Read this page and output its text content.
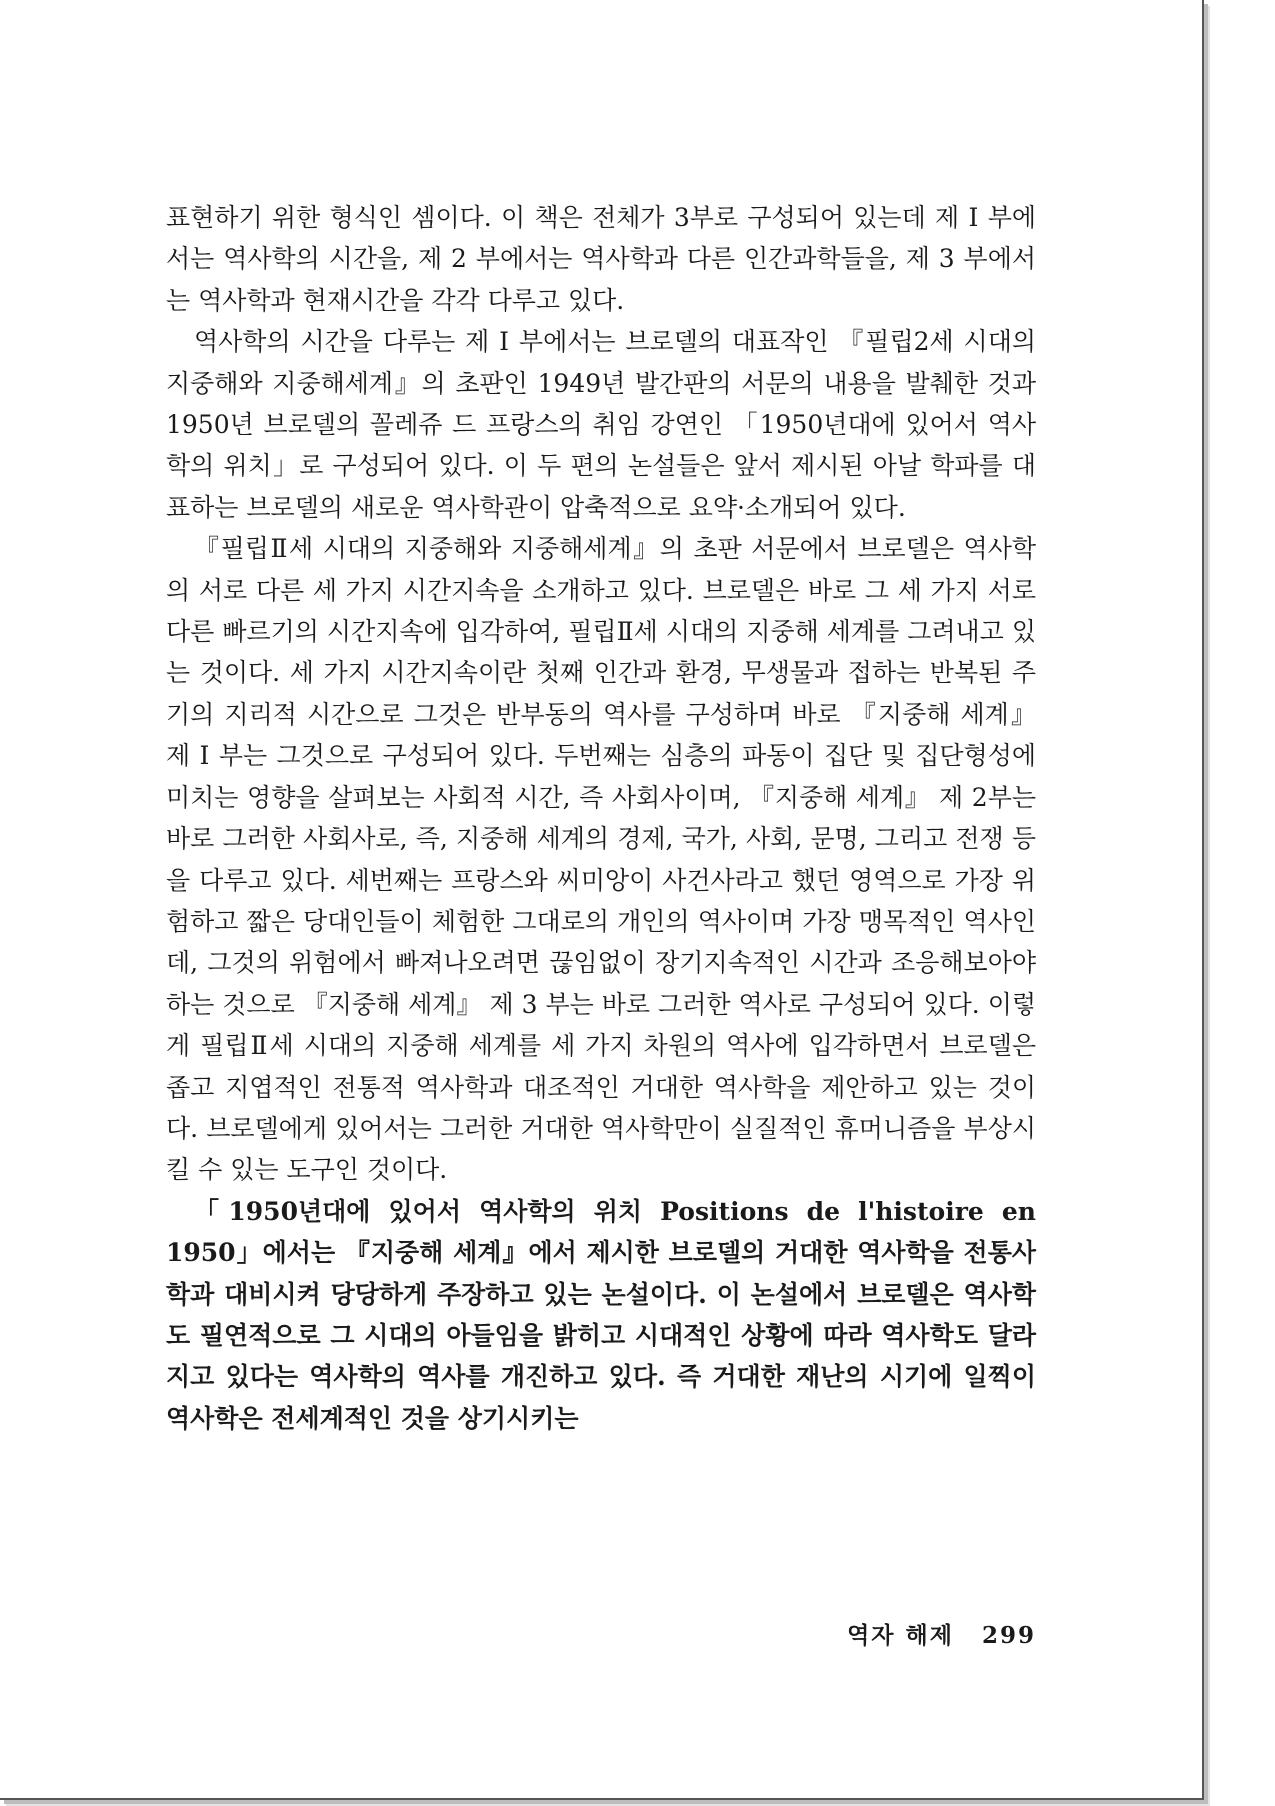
표현하기 위한 형식인 셈이다. 이 책은 전체가 3부로 구성되어 있는데 제 I 부에서는 역사학의 시간을, 제 2 부에서는 역사학과 다른 인간과학들을, 제 3 부에서는 역사학과 현재시간을 각각 다루고 있다.

역사학의 시간을 다루는 제 I 부에서는 브로델의 대표작인 『필립2세 시대의 지중해와 지중해세계』의 초판인 1949년 발간판의 서문의 내용을 발췌한 것과 1950년 브로델의 꼴레쥬 드 프랑스의 취임 강연인 「1950년대에 있어서 역사학의 위치」로 구성되어 있다. 이 두 편의 논설들은 앞서 제시된 아날 학파를 대표하는 브로델의 새로운 역사학관이 압축적으로 요약·소개되어 있다.

『필립Ⅱ세 시대의 지중해와 지중해세계』의 초판 서문에서 브로델은 역사학의 서로 다른 세 가지 시간지속을 소개하고 있다. 브로델은 바로 그 세 가지 서로 다른 빠르기의 시간지속에 입각하여, 필립Ⅱ세 시대의 지중해 세계를 그려내고 있는 것이다. 세 가지 시간지속이란 첫째 인간과 환경, 무생물과 접하는 반복된 주기의 지리적 시간으로 그것은 반부동의 역사를 구성하며 바로 『지중해 세계』 제 I 부는 그것으로 구성되어 있다. 두번째는 심층의 파동이 집단 및 집단형성에 미치는 영향을 살펴보는 사회적 시간, 즉 사회사이며, 『지중해 세계』 제 2부는 바로 그러한 사회사로, 즉, 지중해 세계의 경제, 국가, 사회, 문명, 그리고 전쟁 등을 다루고 있다. 세번째는 프랑스와 씨미앙이 사건사라고 했던 영역으로 가장 위험하고 짧은 당대인들이 체험한 그대로의 개인의 역사이며 가장 맹목적인 역사인데, 그것의 위험에서 빠져나오려면 끊임없이 장기지속적인 시간과 조응해보아야 하는 것으로 『지중해 세계』 제 3 부는 바로 그러한 역사로 구성되어 있다. 이렇게 필립Ⅱ세 시대의 지중해 세계를 세 가지 차원의 역사에 입각하면서 브로델은 좁고 지엽적인 전통적 역사학과 대조적인 거대한 역사학을 제안하고 있는 것이다. 브로델에게 있어서는 그러한 거대한 역사학만이 실질적인 휴머니즘을 부상시킬 수 있는 도구인 것이다.

「1950년대에 있어서 역사학의 위치 Positions de l'histoire en 1950」에서는 『지중해 세계』에서 제시한 브로델의 거대한 역사학을 전통사학과 대비시켜 당당하게 주장하고 있는 논설이다. 이 논설에서 브로델은 역사학도 필연적으로 그 시대의 아들임을 밝히고 시대적인 상황에 따라 역사학도 달라지고 있다는 역사학의 역사를 개진하고 있다. 즉 거대한 재난의 시기에 일찍이 역사학은 전세계적인 것을 상기시키는

역자 해제 299
